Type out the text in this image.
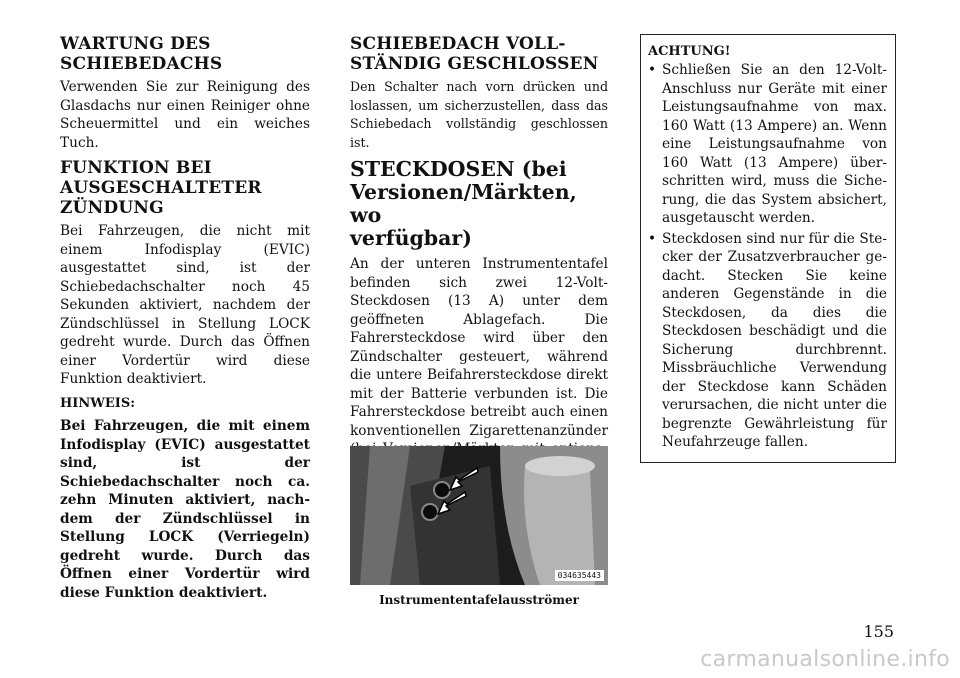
WARTUNG DES
SCHIEBEDACHS

Verwenden Sie zur Reinigung des Glasdachs nur einen Reiniger ohne Scheuermittel und ein weiches Tuch.

FUNKTION BEI
AUSGESCHALTETER
ZÜNDUNG

Bei Fahrzeugen, die nicht mit einem Infodisplay (EVIC) ausgestattet sind, ist der Schiebedachschalter noch 45 Sekunden aktiviert, nachdem der Zündschlüssel in Stellung LOCK gedreht wurde. Durch das Öffnen einer Vordertür wird diese Funktion deaktiviert.

HINWEIS:

Bei Fahrzeugen, die mit einem Infodisplay (EVIC) ausgestattet sind, ist der Schiebedachschalter noch ca. zehn Minuten aktiviert, nachdem der Zündschlüssel in Stellung LOCK (Verriegeln) gedreht wurde. Durch das Öffnen einer Vordertür wird diese Funktion deaktiviert.

SCHIEBEDACH VOLL-
STÄNDIG GESCHLOSSEN

Den Schalter nach vorn drücken und loslassen, um sicherzustellen, dass das Schiebedach vollständig geschlossen ist.

STECKDOSEN (bei
Versionen/Märkten, wo
verfügbar)

An der unteren Instrumententafel befinden sich zwei 12-Volt-Steckdosen (13 A) unter dem geöffneten Ablagefach. Die Fahrersteckdose wird über den Zündschalter gesteuert, während die untere Beifahrersteckdose direkt mit der Batterie verbunden ist. Die Fahrersteckdose betreibt auch einen konventionellen Zigarettenanzünder

034635443
Instrumententafelausströmer
ACHTUNG!
• Schließen Sie an den 12-Volt-Anschluss nur Geräte mit einer Leistungsaufnahme von max. 160 Watt (13 Ampere) an. Wenn eine Leistungsaufnahme von 160 Watt (13 Ampere) überschritten wird, muss die Sicherung, die das System absichert, ausgetauscht werden.
• Steckdosen sind nur für die Stecker der Zusatzverbraucher gedacht. Stecken Sie keine anderen Gegenstände in die Steckdosen, da dies die Steckdosen beschädigt und die Sicherung durchbrennt. Missbräuchliche Verwendung der Steckdose kann Schäden verursachen, die nicht unter die begrenzte Gewährleistung für Neufahrzeuge fallen.
155
carmanualsonline.info
